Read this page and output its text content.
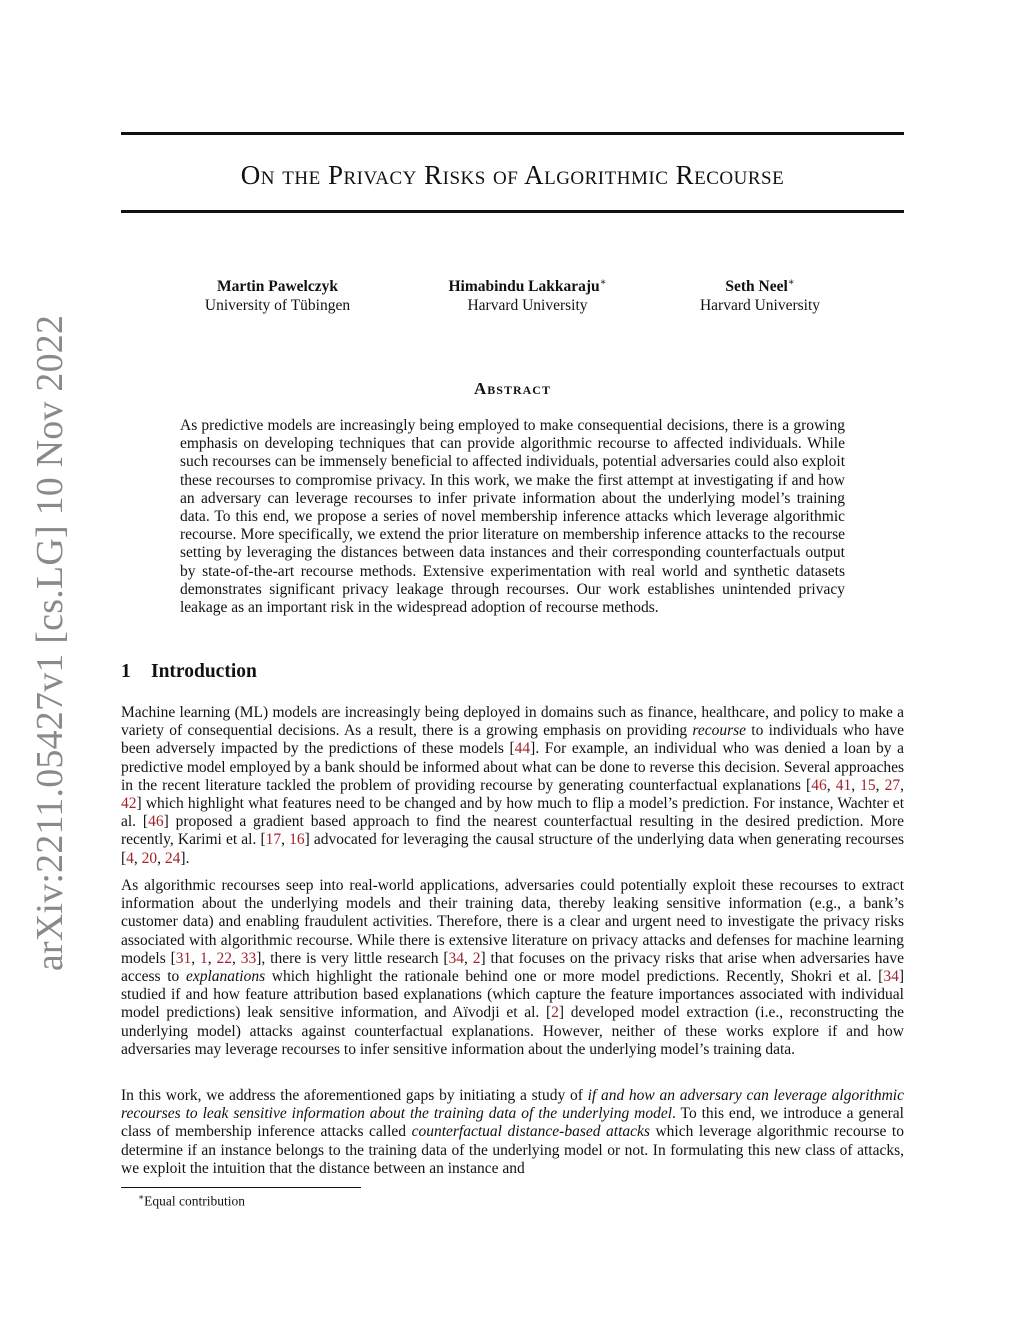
On the Privacy Risks of Algorithmic Recourse
Martin Pawelczyk
University of Tübingen
Himabindu Lakkaraju∗
Harvard University
Seth Neel∗
Harvard University
arXiv:2211.05427v1 [cs.LG] 10 Nov 2022	Abstract
As predictive models are increasingly being employed to make consequential decisions, there is a growing emphasis on developing techniques that can provide algorithmic recourse to affected individuals. While such recourses can be immensely beneficial to affected individuals, potential adversaries could also exploit these recourses to compromise privacy. In this work, we make the first attempt at investigating if and how an adversary can leverage recourses to infer private information about the underlying model’s training data. To this end, we propose a series of novel membership inference attacks which leverage algorithmic recourse. More specifically, we extend the prior literature on membership inference attacks to the recourse setting by leveraging the distances between data instances and their corresponding counterfactuals output by state-of-the-art recourse methods. Extensive experimentation with real world and synthetic datasets demonstrates significant privacy leakage through recourses. Our work establishes unintended privacy leakage as an important risk in the widespread adoption of recourse methods.
1 Introduction

Machine learning (ML) models are increasingly being deployed in domains such as finance, healthcare, and policy to make a variety of consequential decisions. As a result, there is a growing emphasis on providing recourse to individuals who have been adversely impacted by the predictions of these models [44]. For example, an individual who was denied a loan by a predictive model employed by a bank should be informed about what can be done to reverse this decision. Several approaches in the recent literature tackled the problem of providing recourse by generating counterfactual explanations [46, 41, 15, 27, 42] which highlight what features need to be changed and by how much to flip a model’s prediction. For instance, Wachter et al. [46] proposed a gradient based approach to find the nearest counterfactual resulting in the desired prediction. More recently, Karimi et al. [17, 16] advocated for leveraging the causal structure of the underlying data when generating recourses [4, 20, 24].

As algorithmic recourses seep into real-world applications, adversaries could potentially exploit these recourses to extract information about the underlying models and their training data, thereby leaking sensitive information (e.g., a bank’s customer data) and enabling fraudulent activities. Therefore, there is a clear and urgent need to investigate the privacy risks associated with algorithmic recourse. While there is extensive literature on privacy attacks and defenses for machine learning models [31, 1, 22, 33], there is very little research [34, 2] that focuses on the privacy risks that arise when adversaries have access to explanations which highlight the rationale behind one or more model predictions. Recently, Shokri et al. [34] studied if and how feature attribution based explanations (which capture the feature importances associated with individual model predictions) leak sensitive information, and Aïvodji et al. [2] developed model extraction (i.e., reconstructing the underlying model) attacks against counterfactual explanations. However, neither of these works explore if and how adversaries may leverage recourses to infer sensitive information about the underlying model’s training data.

In this work, we address the aforementioned gaps by initiating a study of if and how an adversary can leverage algorithmic recourses to leak sensitive information about the training data of the underlying model. To this end, we introduce a general class of membership inference attacks called counterfactual distance-based attacks which leverage algorithmic recourse to determine if an instance belongs to the training data of the underlying model or not. In formulating this new class of attacks, we exploit the intuition that the distance between an instance and

∗Equal contribution
